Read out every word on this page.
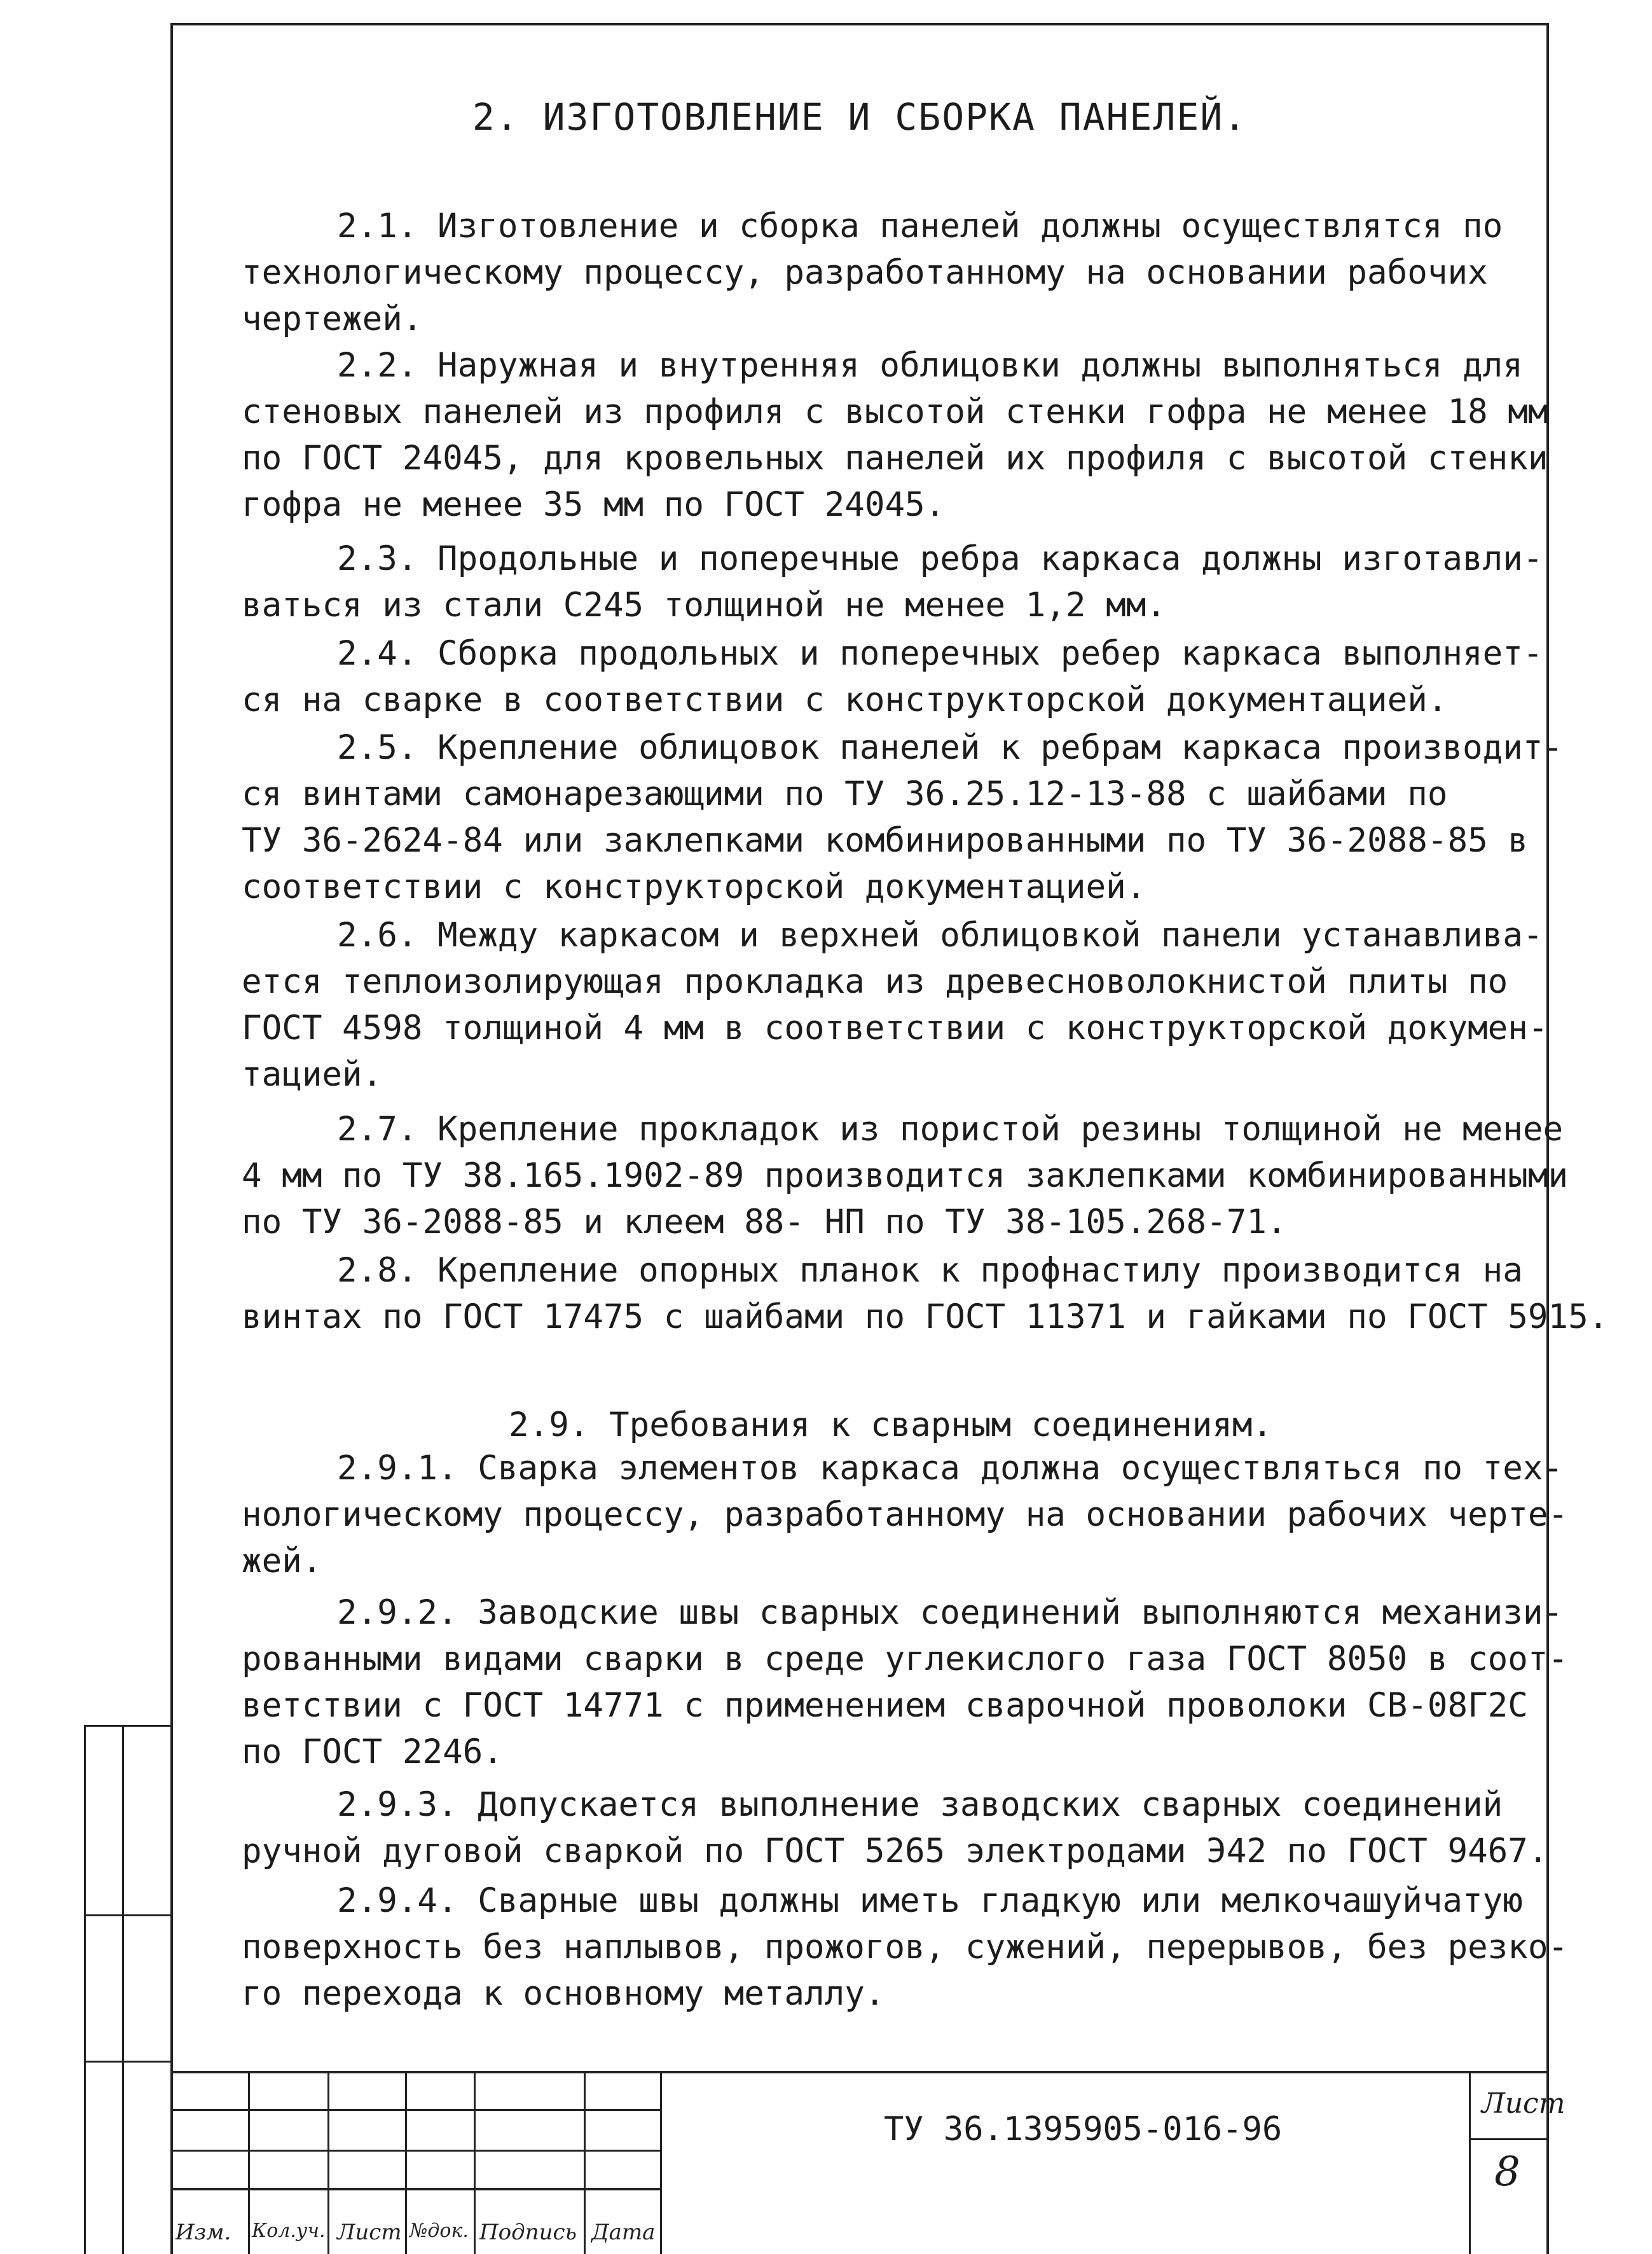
2. ИЗГОТОВЛЕНИЕ И СБОРКА ПАНЕЛЕЙ.
2.1. Изготовление и сборка панелей должны осуществлятся по
технологическому процессу, разработанному на основании рабочих
чертежей.
2.2. Наружная и внутренняя облицовки должны выполняться для
стеновых панелей из профиля с высотой стенки гофра не менее 18 мм
по ГОСТ 24045, для кровельных панелей их профиля с высотой стенки
гофра не менее 35 мм по ГОСТ 24045.
2.3. Продольные и поперечные ребра каркаса должны изготавли-
ваться из стали С245 толщиной не менее 1,2 мм.
2.4. Сборка продольных и поперечных ребер каркаса выполняет-
ся на сварке в соответствии с конструкторской документацией.
2.5. Крепление облицовок панелей к ребрам каркаса производит-
ся винтами самонарезающими по ТУ 36.25.12-13-88 с шайбами по
ТУ 36-2624-84 или заклепками комбинированными по ТУ 36-2088-85 в
соответствии с конструкторской документацией.
2.6. Между каркасом и верхней облицовкой панели устанавлива-
ется теплоизолирующая прокладка из древесноволокнистой плиты по
ГОСТ 4598 толщиной 4 мм в соответствии с конструкторской докумен-
тацией.
2.7. Крепление прокладок из пористой резины толщиной не менее
4 мм по ТУ 38.165.1902-89 производится заклепками комбинированными
по ТУ 36-2088-85 и клеем 88- НП по ТУ 38-105.268-71.
2.8. Крепление опорных планок к профнастилу производится на
винтах по ГОСТ 17475 с шайбами по ГОСТ 11371 и гайками по ГОСТ 5915.
2.9. Требования к сварным соединениям.
2.9.1. Сварка элементов каркаса должна осуществляться по тех-
нологическому процессу, разработанному на основании рабочих черте-
жей.
2.9.2. Заводские швы сварных соединений выполняются механизи-
рованными видами сварки в среде углекислого газа ГОСТ 8050 в соот-
ветствии с ГОСТ 14771 с применением сварочной проволоки СВ-08Г2С
по ГОСТ 2246.
2.9.3. Допускается выполнение заводских сварных соединений
ручной дуговой сваркой по ГОСТ 5265 электродами Э42 по ГОСТ 9467.
2.9.4. Сварные швы должны иметь гладкую или мелкочашуйчатую
поверхность без наплывов, прожогов, сужений, перерывов, без резко-
го перехода к основному металлу.
Изм. Кол.уч. Лист №док. Подпись Дата
ТУ 36.1395905-016-96
Лист
8
